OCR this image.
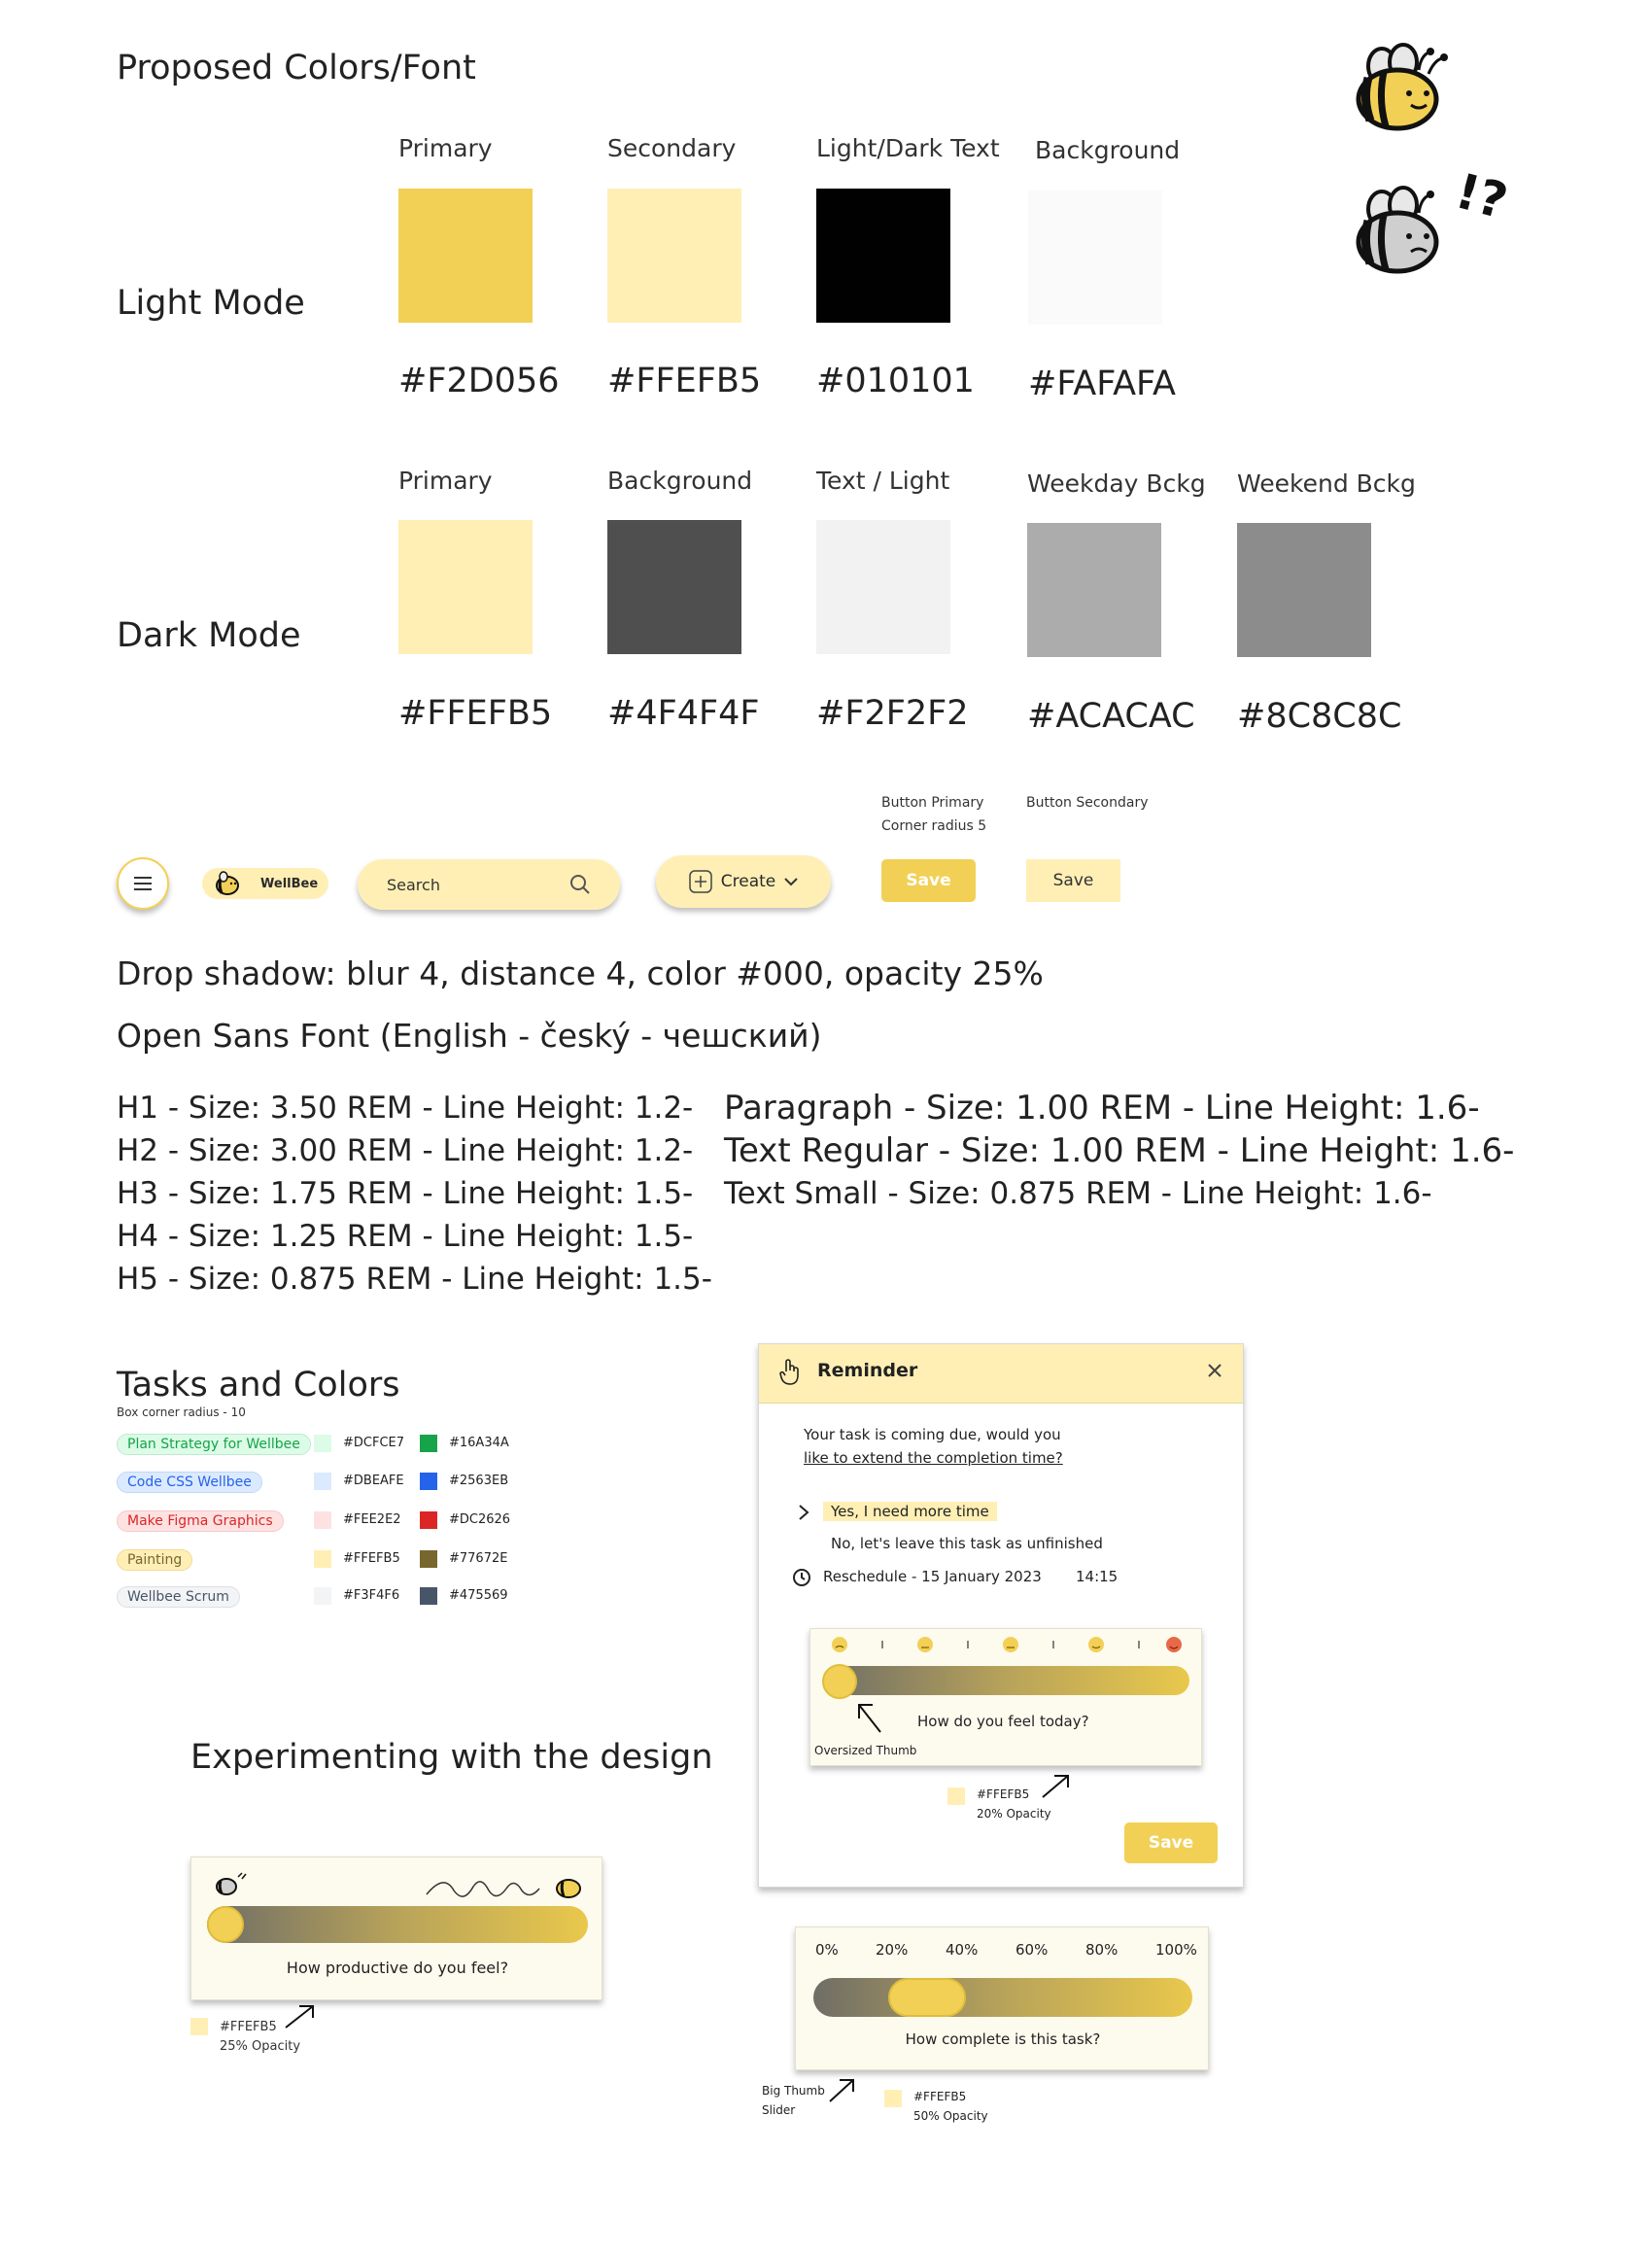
Proposed Colors/Font
!?
Light Mode
Primary
#F2D056
Secondary
#FFEFB5
Light/Dark Text
#010101
Background
#FAFAFA
Dark Mode
Primary
#FFEFB5
Background
#4F4F4F
Text / Light
#F2F2F2
Weekday Bckg
#ACACAC
Weekend Bckg
#8C8C8C
Button Primary
Corner radius 5
Button Secondary
WellBee	Search	Create	Save	Save
Drop shadow: blur 4, distance 4, color #000, opacity 25%
Open Sans Font (English - český - чешский)
H1 - Size: 3.50 REM - Line Height: 1.2-
H2 - Size: 3.00 REM - Line Height: 1.2-
H3 - Size: 1.75 REM - Line Height: 1.5-
H4 - Size: 1.25 REM - Line Height: 1.5-
H5 - Size: 0.875 REM - Line Height: 1.5-
Paragraph - Size: 1.00 REM - Line Height: 1.6-
Text Regular - Size: 1.00 REM - Line Height: 1.6-
Text Small - Size: 0.875 REM - Line Height: 1.6-
Tasks and Colors
Box corner radius - 10
Plan Strategy for Wellbee	#DCFCE7	#16A34A
Code CSS Wellbee	#DBEAFE	#2563EB
Make Figma Graphics	#FEE2E2	#DC2626
Painting	#FFEFB5	#77672E
Wellbee Scrum	#F3F4F6	#475569
Experimenting with the design
How productive do you feel?
#FFEFB5
25% Opacity
Reminder
Your task is coming due, would you
like to extend the completion time?
Yes, I need more time
No, let's leave this task as unfinished
Reschedule - 15 January 2023 14:15
How do you feel today?
Oversized Thumb
#FFEFB5
20% Opacity
Save
0%	20%	40%	60%	80%	100%
How complete is this task?
Big Thumb
Slider
#FFEFB5
50% Opacity
